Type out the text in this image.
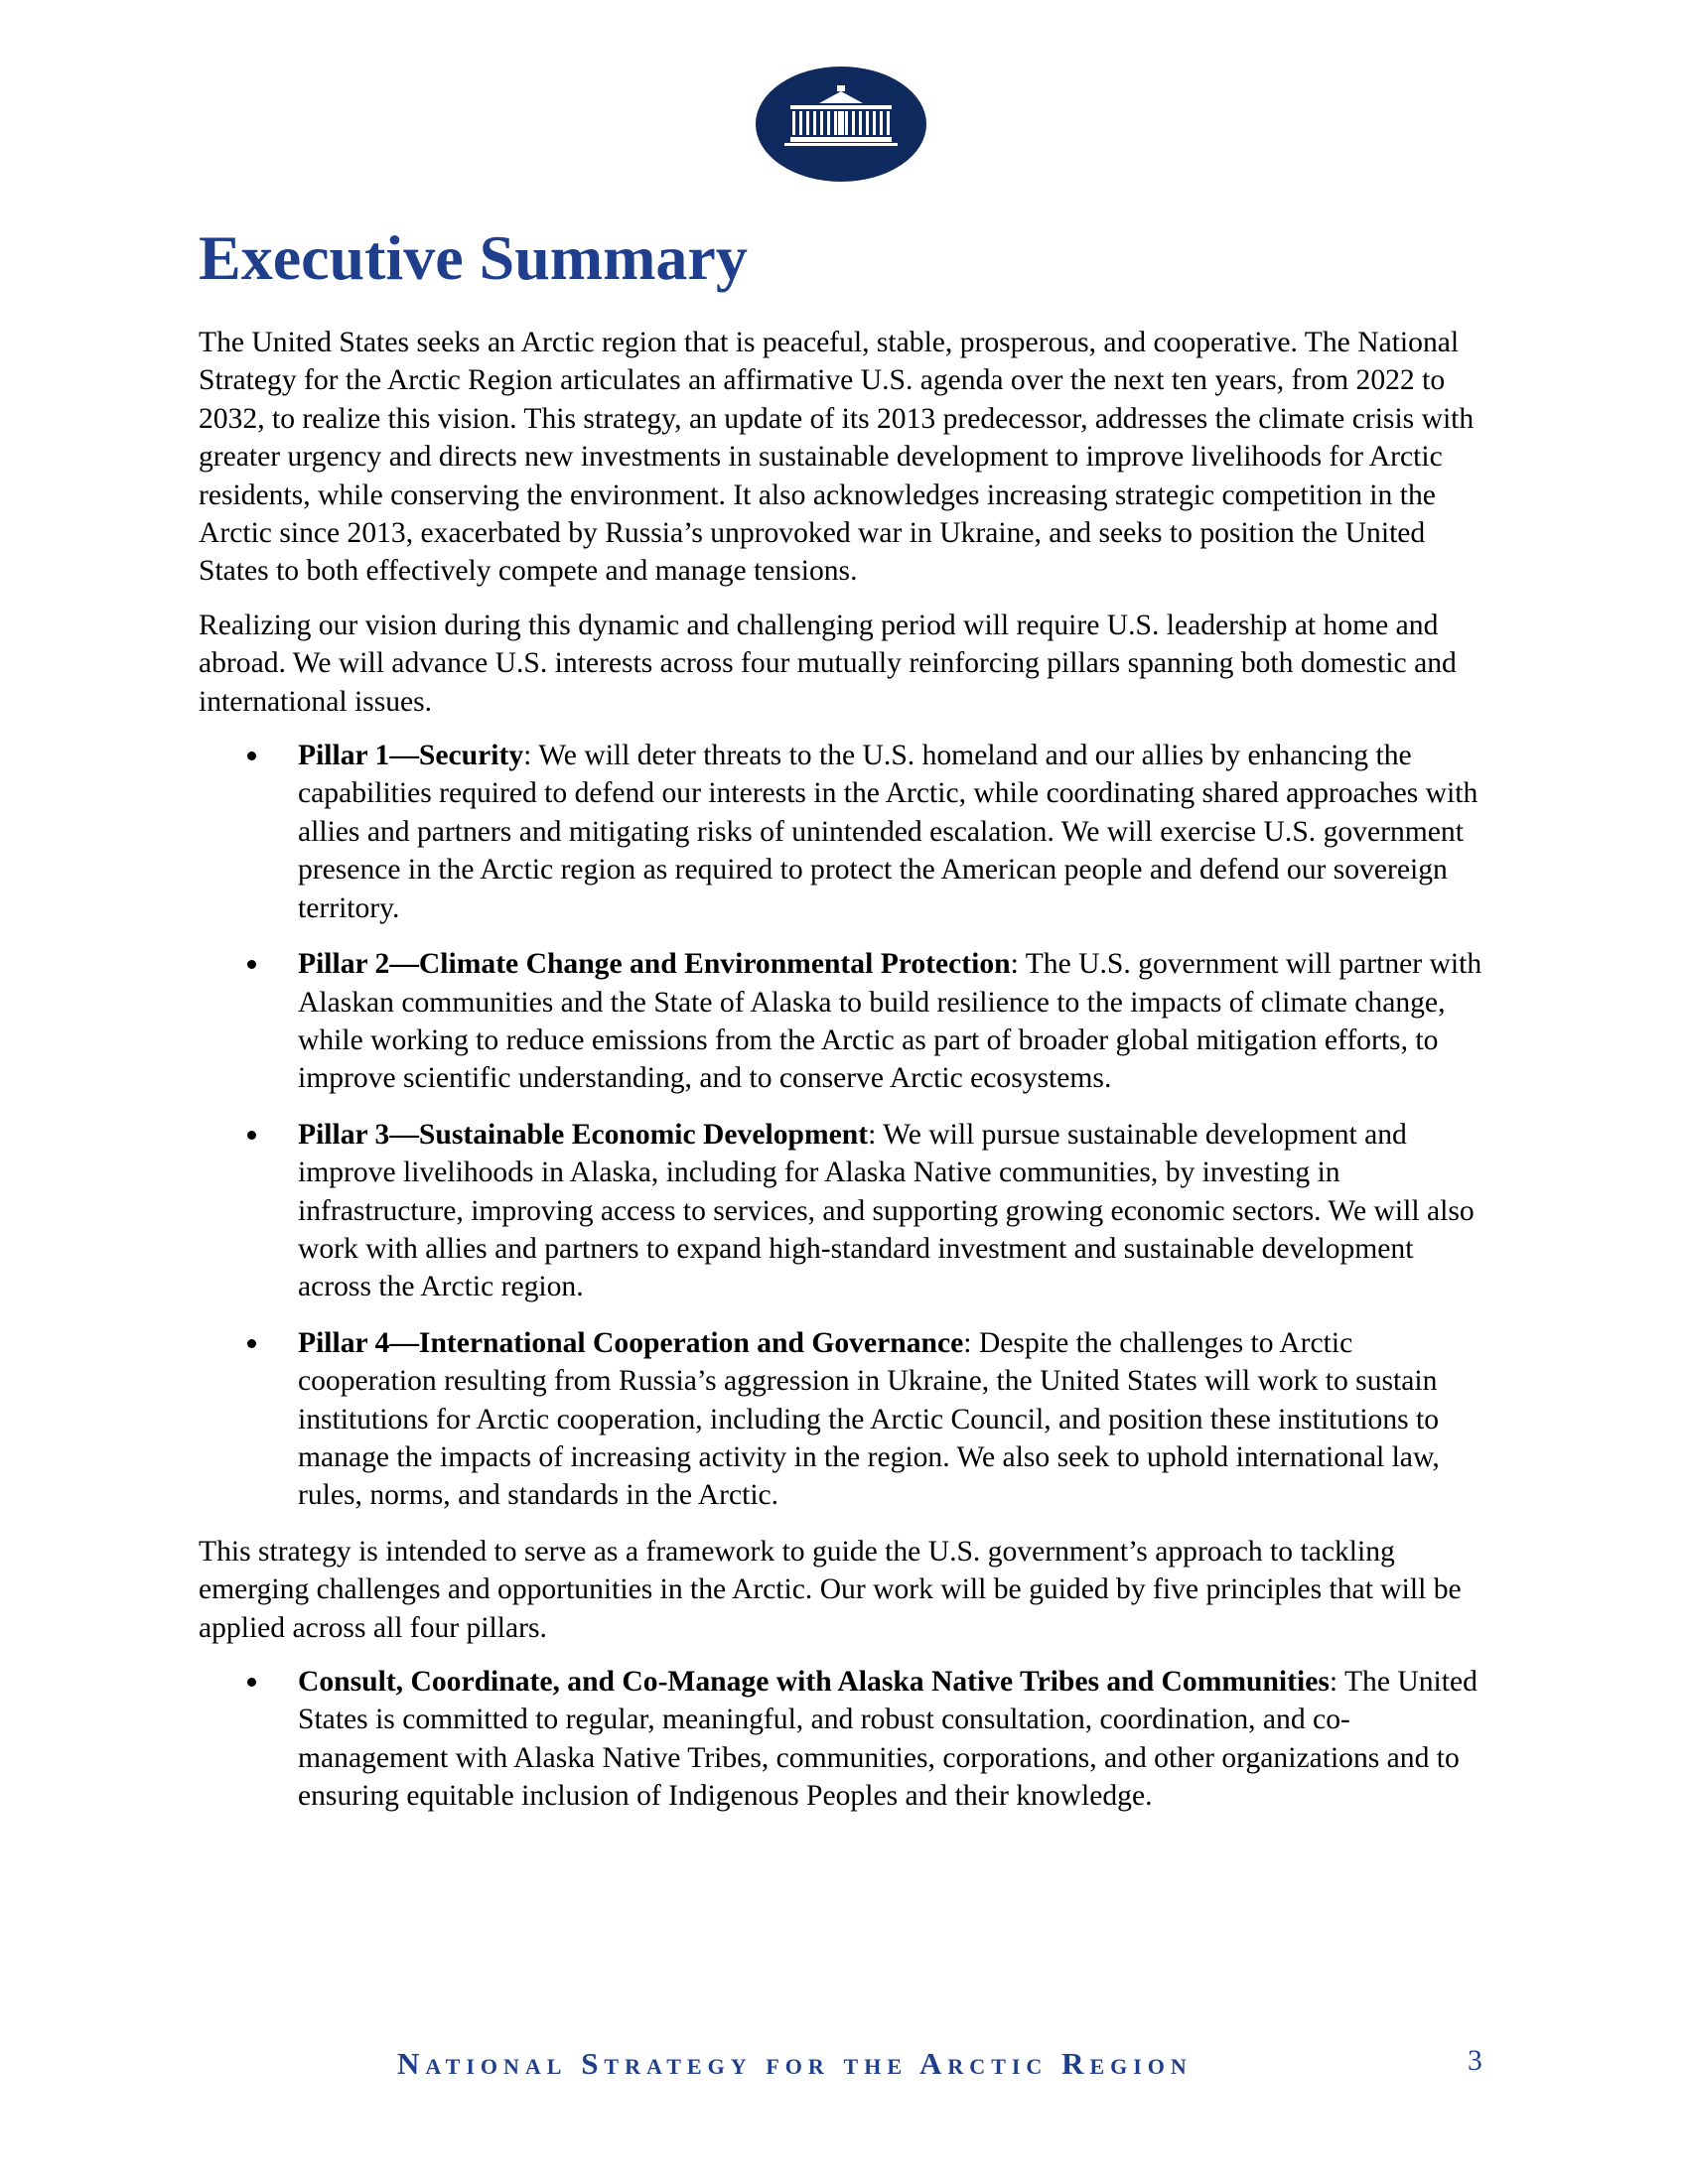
Executive Summary

The United States seeks an Arctic region that is peaceful, stable, prosperous, and cooperative. The National Strategy for the Arctic Region articulates an affirmative U.S. agenda over the next ten years, from 2022 to 2032, to realize this vision. This strategy, an update of its 2013 predecessor, addresses the climate crisis with greater urgency and directs new investments in sustainable development to improve livelihoods for Arctic residents, while conserving the environment. It also acknowledges increasing strategic competition in the Arctic since 2013, exacerbated by Russia’s unprovoked war in Ukraine, and seeks to position the United States to both effectively compete and manage tensions.

Realizing our vision during this dynamic and challenging period will require U.S. leadership at home and abroad. We will advance U.S. interests across four mutually reinforcing pillars spanning both domestic and international issues.

Pillar 1—Security: We will deter threats to the U.S. homeland and our allies by enhancing the capabilities required to defend our interests in the Arctic, while coordinating shared approaches with allies and partners and mitigating risks of unintended escalation. We will exercise U.S. government presence in the Arctic region as required to protect the American people and defend our sovereign territory.
Pillar 2—Climate Change and Environmental Protection: The U.S. government will partner with Alaskan communities and the State of Alaska to build resilience to the impacts of climate change, while working to reduce emissions from the Arctic as part of broader global mitigation efforts, to improve scientific understanding, and to conserve Arctic ecosystems.
Pillar 3—Sustainable Economic Development: We will pursue sustainable development and improve livelihoods in Alaska, including for Alaska Native communities, by investing in infrastructure, improving access to services, and supporting growing economic sectors. We will also work with allies and partners to expand high-standard investment and sustainable development across the Arctic region.
Pillar 4—International Cooperation and Governance: Despite the challenges to Arctic cooperation resulting from Russia’s aggression in Ukraine, the United States will work to sustain institutions for Arctic cooperation, including the Arctic Council, and position these institutions to manage the impacts of increasing activity in the region. We also seek to uphold international law, rules, norms, and standards in the Arctic.

This strategy is intended to serve as a framework to guide the U.S. government’s approach to tackling emerging challenges and opportunities in the Arctic. Our work will be guided by five principles that will be applied across all four pillars.

Consult, Coordinate, and Co-Manage with Alaska Native Tribes and Communities: The United States is committed to regular, meaningful, and robust consultation, coordination, and co-management with Alaska Native Tribes, communities, corporations, and other organizations and to ensuring equitable inclusion of Indigenous Peoples and their knowledge.
National Strategy for the Arctic Region	3
